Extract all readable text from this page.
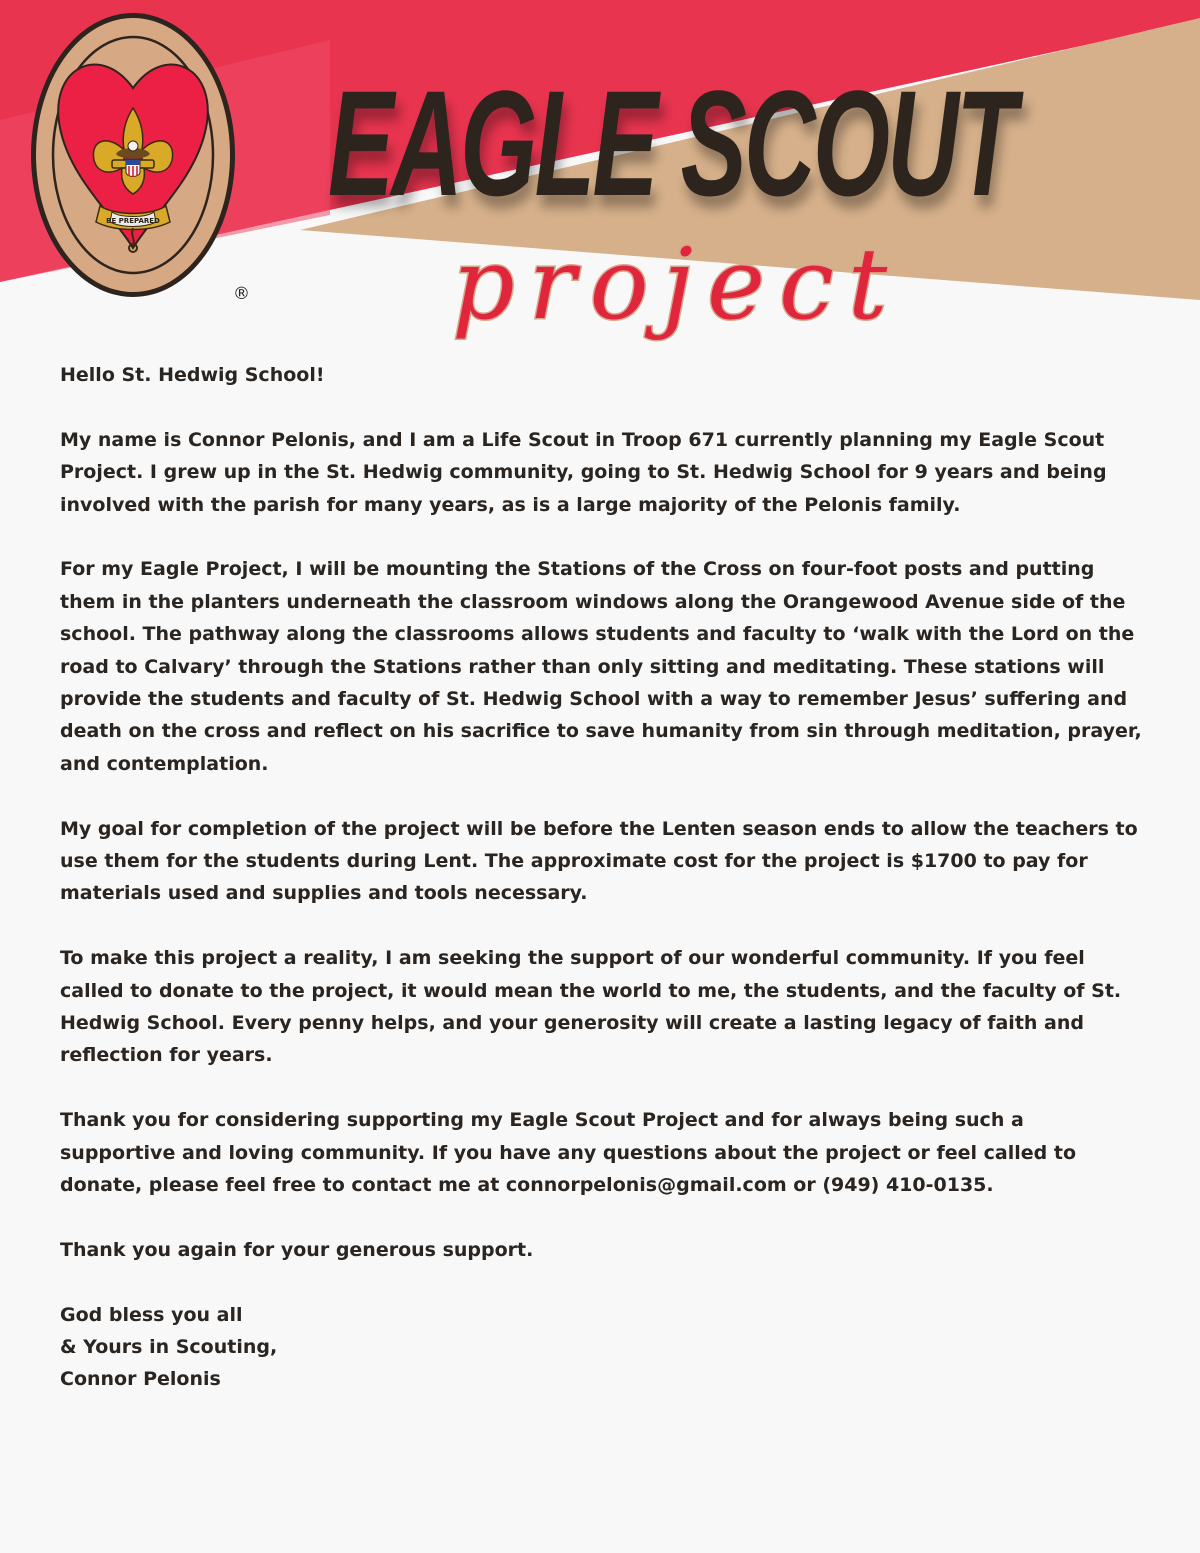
BE PREPARED
®
EAGLE SCOUT
project

Hello St. Hedwig School!

My name is Connor Pelonis, and I am a Life Scout in Troop 671 currently planning my Eagle Scout Project. I grew up in the St. Hedwig community, going to St. Hedwig School for 9 years and being involved with the parish for many years, as is a large majority of the Pelonis family.

For my Eagle Project, I will be mounting the Stations of the Cross on four-foot posts and putting them in the planters underneath the classroom windows along the Orangewood Avenue side of the school. The pathway along the classrooms allows students and faculty to ‘walk with the Lord on the road to Calvary’ through the Stations rather than only sitting and meditating. These stations will provide the students and faculty of St. Hedwig School with a way to remember Jesus’ suffering and death on the cross and reflect on his sacrifice to save humanity from sin through meditation, prayer, and contemplation.

My goal for completion of the project will be before the Lenten season ends to allow the teachers to use them for the students during Lent. The approximate cost for the project is $1700 to pay for materials used and supplies and tools necessary.

To make this project a reality, I am seeking the support of our wonderful community. If you feel called to donate to the project, it would mean the world to me, the students, and the faculty of St. Hedwig School. Every penny helps, and your generosity will create a lasting legacy of faith and reflection for years.

Thank you for considering supporting my Eagle Scout Project and for always being such a supportive and loving community. If you have any questions about the project or feel called to donate, please feel free to contact me at connorpelonis@gmail.com or (949) 410-0135.

Thank you again for your generous support.

God bless you all
& Yours in Scouting,
Connor Pelonis
